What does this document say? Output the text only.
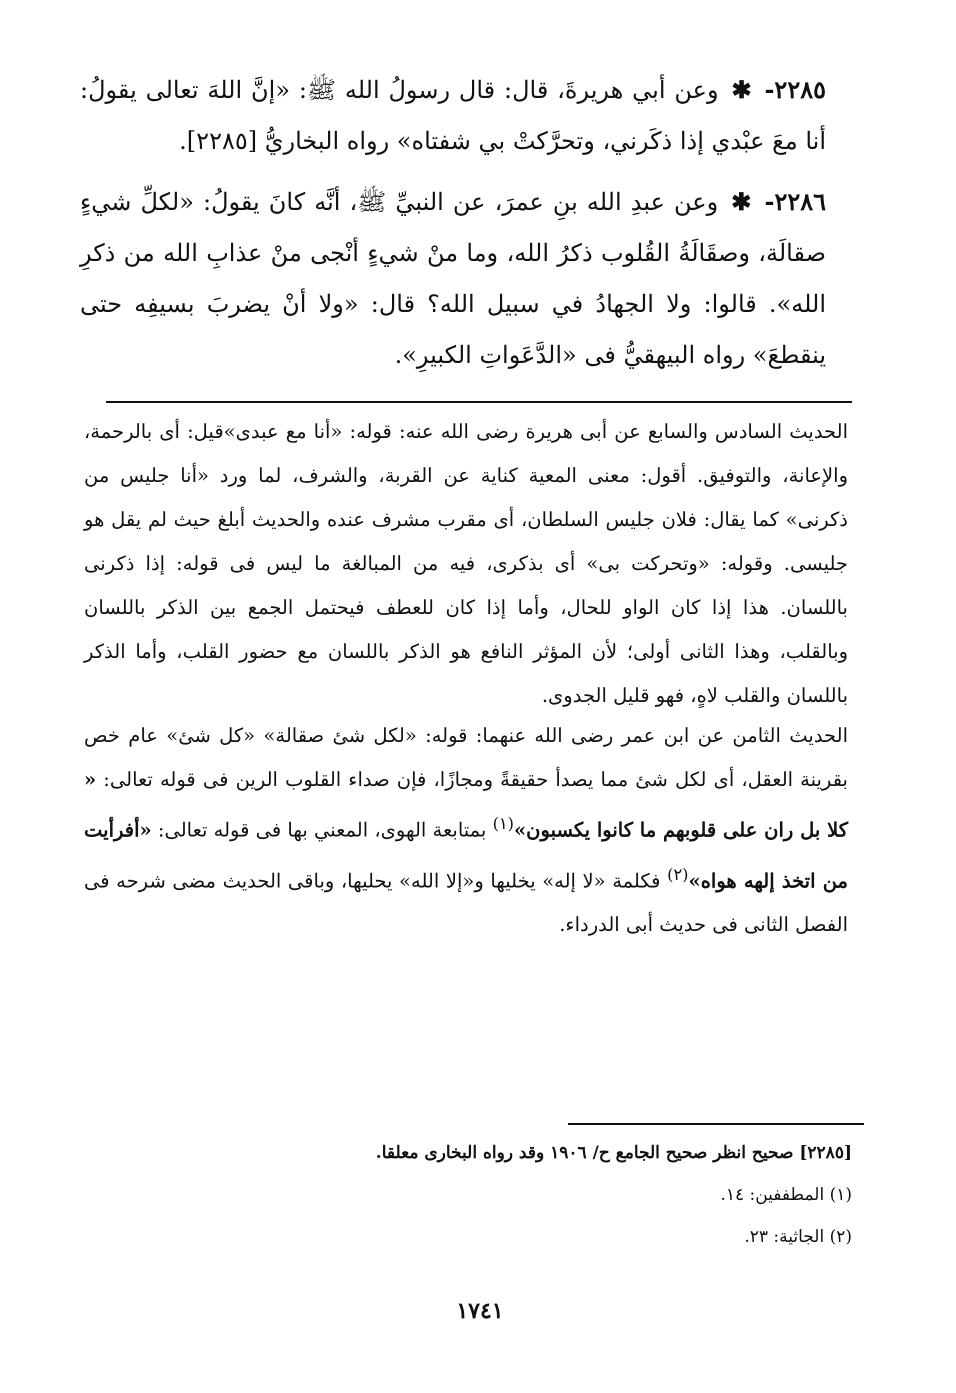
٢٢٨٥- ✱ وعن أبي هريرةَ، قال: قال رسولُ الله ﷺ: «إنَّ اللهَ تعالى يقولُ: أنا معَ عبْدي إذا ذكَرني، وتحرَّكتْ بي شفتاه» رواه البخاريُّ [٢٢٨٥].
٢٢٨٦- ✱ وعن عبدِ الله بنِ عمرَ، عن النبيِّ ﷺ، أنَّه كانَ يقولُ: «لكلِّ شيءٍ صقالَة، وصقَالَةُ القُلوب ذكرُ الله، وما منْ شيءٍ أنْجى منْ عذابِ الله من ذكرِ الله». قالوا: ولا الجهادُ في سبيل الله؟ قال: «ولا أنْ يضربَ بسيفِه حتى ينقطعَ» رواه البيهقيُّ فى «الدَّعَواتِ الكبيرِ».
الحديث السادس والسابع عن أبى هريرة رضى الله عنه: قوله: «أنا مع عبدى»قيل: أى بالرحمة، والإعانة، والتوفيق. أقول: معنى المعية كناية عن القربة، والشرف، لما ورد «أنا جليس من ذكرنى» كما يقال: فلان جليس السلطان، أى مقرب مشرف عنده والحديث أبلغ حيث لم يقل هو جليسى. وقوله: «وتحركت بى» أى بذكرى، فيه من المبالغة ما ليس فى قوله: إذا ذكرنى باللسان. هذا إذا كان الواو للحال، وأما إذا كان للعطف فيحتمل الجمع بين الذكر باللسان وبالقلب، وهذا الثانى أولى؛ لأن المؤثر النافع هو الذكر باللسان مع حضور القلب، وأما الذكر باللسان والقلب لاهٍ، فهو قليل الجدوى.
الحديث الثامن عن ابن عمر رضى الله عنهما: قوله: «لكل شئ صقالة» «كل شئ» عام خص بقرينة العقل، أى لكل شئ مما يصدأ حقيقةً ومجازًا، فإن صداء القلوب الرين فى قوله تعالى: « كلا بل ران على قلوبهم ما كانوا يكسبون»$^{(١)}$ بمتابعة الهوى، المعني بها فى قوله تعالى: «أفرأيت من اتخذ إلهه هواه»$^{(٢)}$ فكلمة «لا إله» يخليها و«إلا الله» يحليها، وباقى الحديث مضى شرحه فى الفصل الثانى فى حديث أبى الدرداء.
[٢٢٨٥] صحيح انظر صحيح الجامع ح/ ١٩٠٦ وقد رواه البخارى معلقا.
(١) المطففين: ١٤.
(٢) الجاثية: ٢٣.
١٧٤١
